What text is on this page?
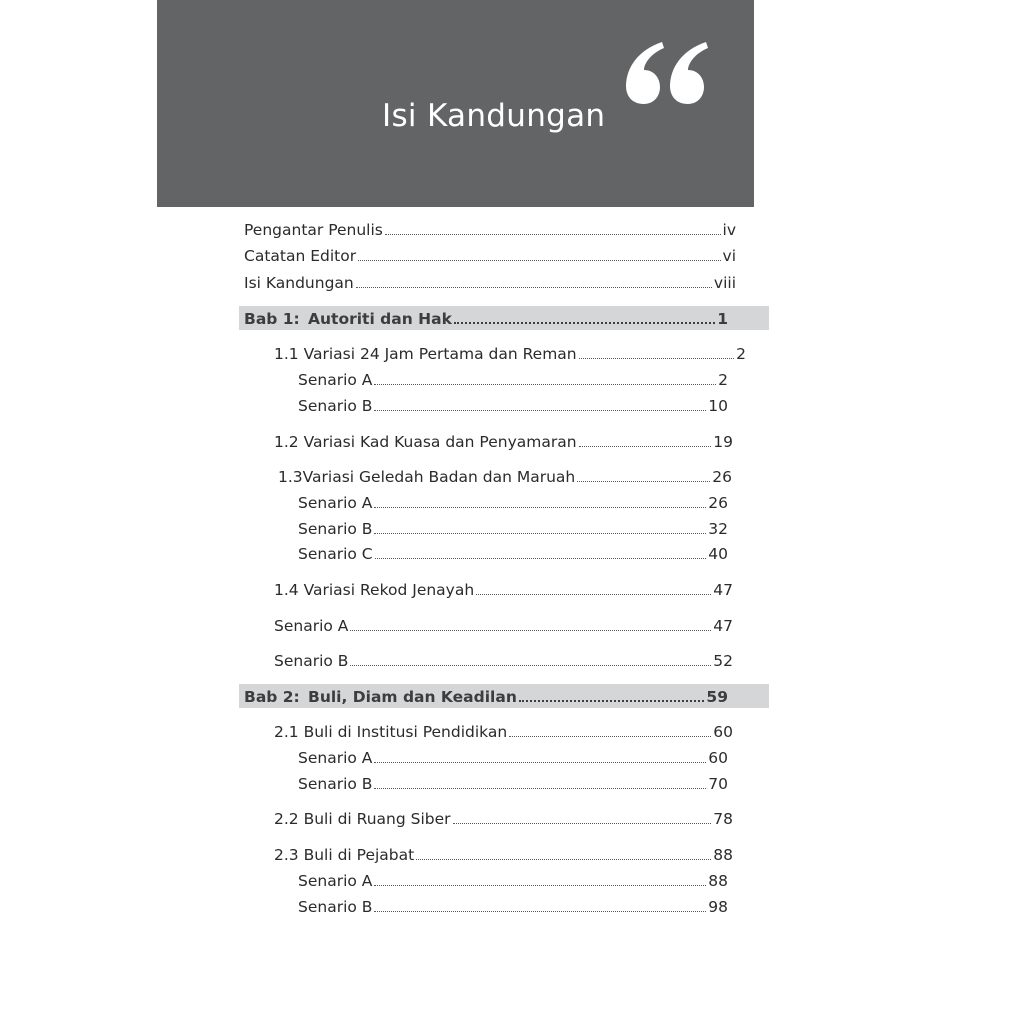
Isi Kandungan
Pengantar Penulis	iv
Catatan Editor	vi
Isi Kandungan	viii
Bab 1: Autoriti dan Hak	1
1.1 Variasi 24 Jam Pertama dan Reman	2
Senario A	2
Senario B	10
1.2 Variasi Kad Kuasa dan Penyamaran	19
1.3Variasi Geledah Badan dan Maruah	26
Senario A	26
Senario B	32
Senario C	40
1.4 Variasi Rekod Jenayah	47
Senario A	47
Senario B	52
Bab 2: Buli, Diam dan Keadilan	59
2.1 Buli di Institusi Pendidikan	60
Senario A	60
Senario B	70
2.2 Buli di Ruang Siber	78
2.3 Buli di Pejabat	88
Senario A	88
Senario B	98
